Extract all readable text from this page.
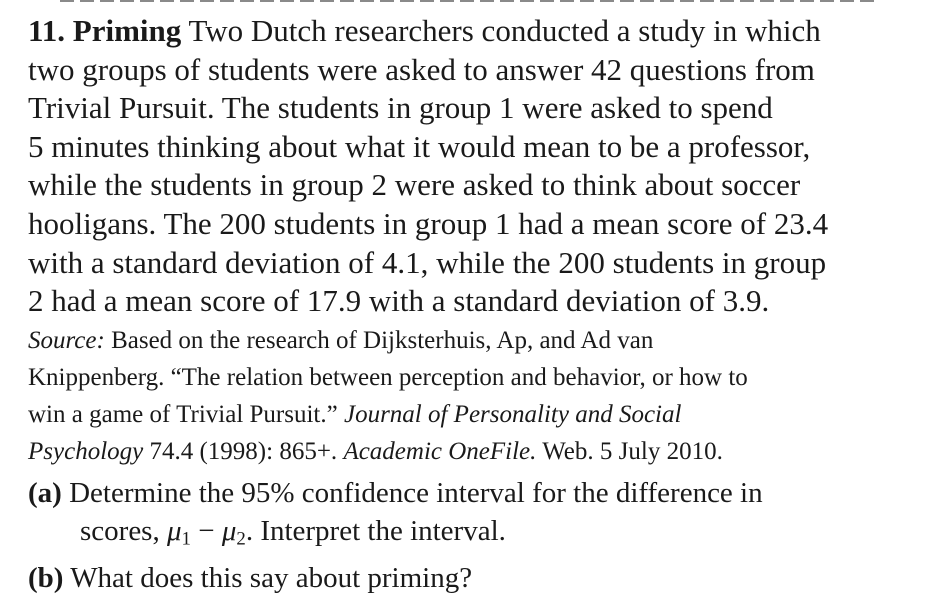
11. Priming Two Dutch researchers conducted a study in which
two groups of students were asked to answer 42 questions from
Trivial Pursuit. The students in group 1 were asked to spend
5 minutes thinking about what it would mean to be a professor,
while the students in group 2 were asked to think about soccer
hooligans. The 200 students in group 1 had a mean score of 23.4
with a standard deviation of 4.1, while the 200 students in group
2 had a mean score of 17.9 with a standard deviation of 3.9.

Source: Based on the research of Dijksterhuis, Ap, and Ad van
Knippenberg. “The relation between perception and behavior, or how to
win a game of Trivial Pursuit.” Journal of Personality and Social
Psychology 74.4 (1998): 865+. Academic OneFile. Web. 5 July 2010.

(a) Determine the 95% confidence interval for the difference in
scores, $\mu_1 - \mu_2$. Interpret the interval.
(b) What does this say about priming?
